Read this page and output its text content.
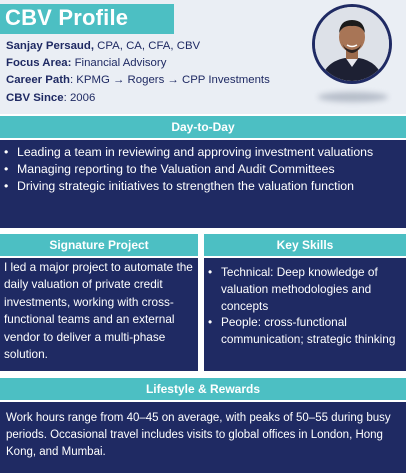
CBV Profile
Sanjay Persaud, CPA, CA, CFA, CBV
Focus Area: Financial Advisory
Career Path: KPMG → Rogers → CPP Investments
CBV Since: 2006
Day-to-Day
• Leading a team in reviewing and approving investment valuations
• Managing reporting to the Valuation and Audit Committees
• Driving strategic initiatives to strengthen the valuation function
Signature Project
I led a major project to automate the daily valuation of private credit investments, working with cross-functional teams and an external vendor to deliver a multi-phase solution.
Key Skills
• Technical: Deep knowledge of valuation methodologies and concepts
• People: cross-functional communication; strategic thinking
Lifestyle & Rewards
Work hours range from 40–45 on average, with peaks of 50–55 during busy periods. Occasional travel includes visits to global offices in London, Hong Kong, and Mumbai.
